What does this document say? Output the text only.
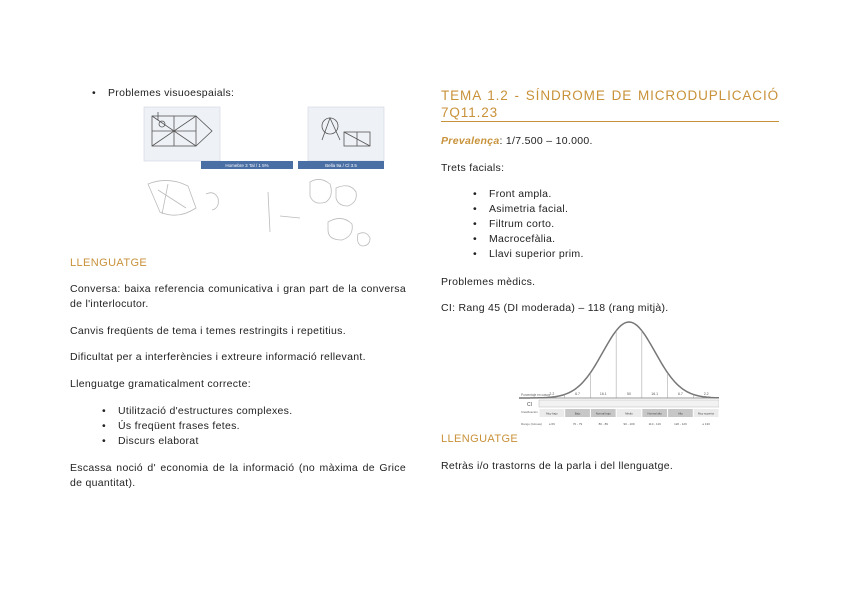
• Problemes visuoespaials:
Homebre 3 Tal / 1 5%	Bella 9a / Cl 3.5
LLENGUATGE
Conversa: baixa referencia comunicativa i gran part de la conversa de l'interlocutor.
Canvis freqüents de tema i temes restringits i repetitius.
Dificultat per a interferències i extreure informació rellevant.
Llenguatge gramaticalment correcte:
• Utilització d'estructures complexes.
• Ús freqüent frases fetes.
• Discurs elaborat
Escassa noció d' economia de la informació (no màxima de Grice de quantitat).
TEMA 1.2 - SÍNDROME DE MICRODUPLICACIÓ
7Q11.23
Prevalença: 1/7.500 – 10.000.
Trets facials:
• Front ampla.
• Asimetria facial.
• Filtrum corto.
• Macrocefàlia.
• Llavi superior prim.
Problemes mèdics.
CI: Rang 45 (DI moderada) – 118 (rang mitjà).
Porcentaje en casos
CI
2.2	6.7	16.1	50	16.1	6.7	2.2
Muy bajo	Bajo	Normal bajo	Medio	Normal alto	Alto	Muy superior
Clasificación
Rango (Glosas) ≤ 69	70 - 79	80 - 89	90 - 109	110 - 119	120 - 129	≥ 130
LLENGUATGE
Retràs i/o trastorns de la parla i del llenguatge.
